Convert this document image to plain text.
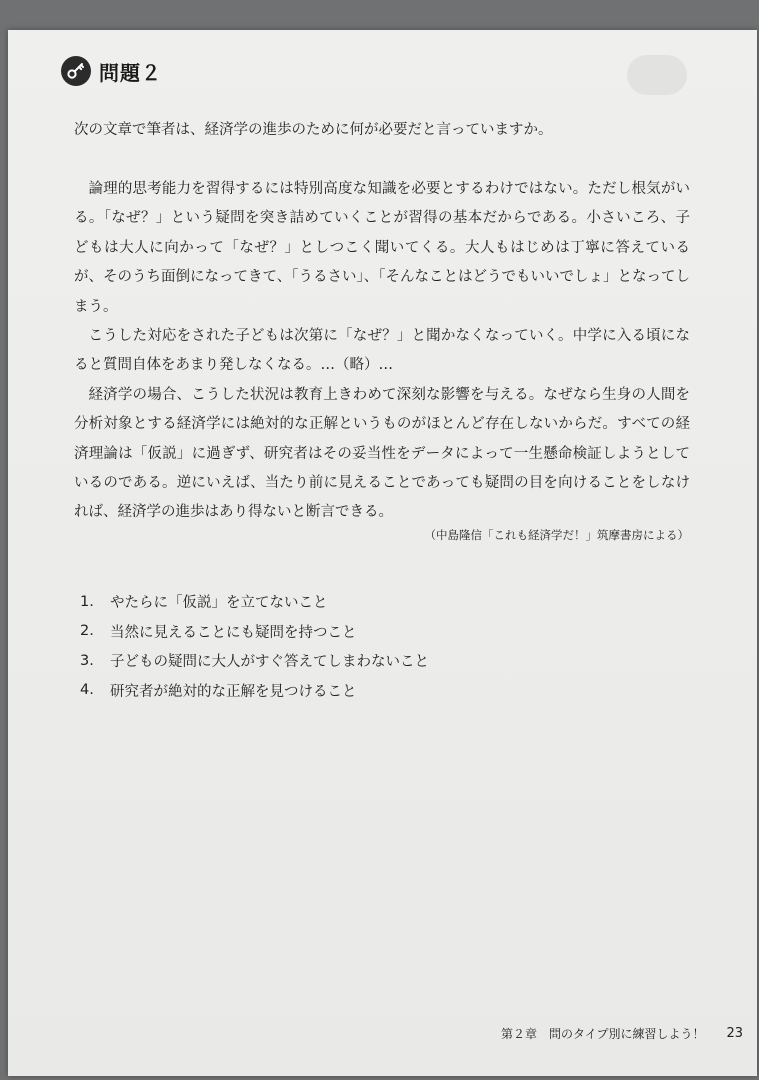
問題２
次の文章で筆者は、経済学の進歩のために何が必要だと言っていますか。

論理的思考能力を習得するには特別高度な知識を必要とするわけではない。ただし根気がいる。「なぜ？」という疑問を突き詰めていくことが習得の基本だからである。小さいころ、子どもは大人に向かって「なぜ？」としつこく聞いてくる。大人もはじめは丁寧に答えているが、そのうち面倒になってきて、「うるさい」、「そんなことはどうでもいいでしょ」となってしまう。

こうした対応をされた子どもは次第に「なぜ？」と聞かなくなっていく。中学に入る頃になると質問自体をあまり発しなくなる。…（略）…

経済学の場合、こうした状況は教育上きわめて深刻な影響を与える。なぜなら生身の人間を分析対象とする経済学には絶対的な正解というものがほとんど存在しないからだ。すべての経済理論は「仮説」に過ぎず、研究者はその妥当性をデータによって一生懸命検証しようとしているのである。逆にいえば、当たり前に見えることであっても疑問の目を向けることをしなければ、経済学の進歩はあり得ないと断言できる。

（中島隆信「これも経済学だ！」筑摩書房による）
1.	やたらに「仮説」を立てないこと
2.	当然に見えることにも疑問を持つこと
3.	子どもの疑問に大人がすぐ答えてしまわないこと
4.	研究者が絶対的な正解を見つけること
第２章　問のタイプ別に練習しよう！ 23
